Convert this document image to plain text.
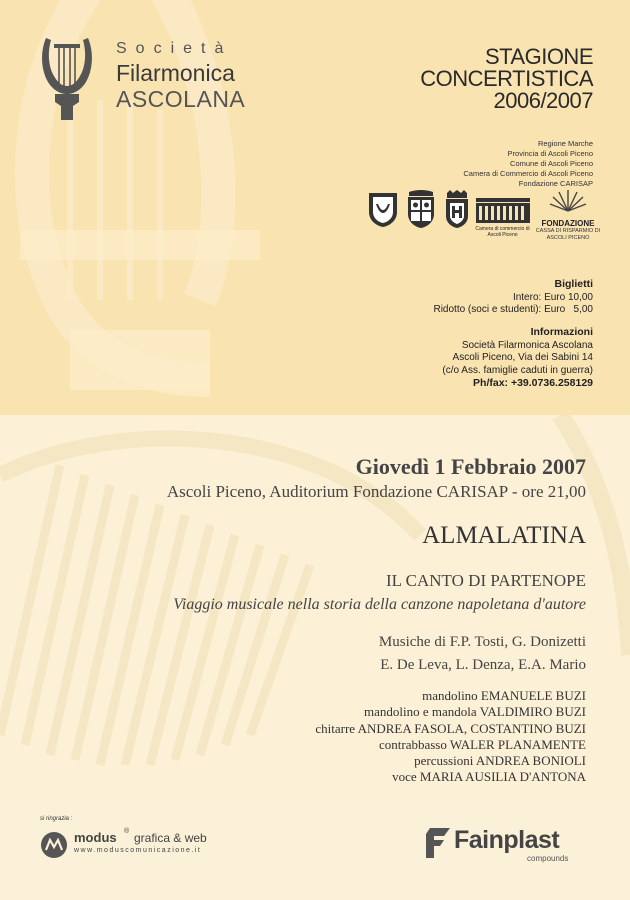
Società
Filarmonica
ASCOLANA
STAGIONE
CONCERTISTICA
2006/2007
Regione Marche
Provincia di Ascoli Piceno
Comune di Ascoli Piceno
Camera di Commercio di Ascoli Piceno
Fondazione CARISAP
Camera di commercio di Ascoli Piceno
FONDAZIONE
CASSA DI RISPARMIO DI ASCOLI PICENO
Biglietti
Intero: Euro 10,00
Ridotto (soci e studenti): Euro   5,00
Informazioni
Società Filarmonica Ascolana
Ascoli Piceno, Via dei Sabini 14
(c/o Ass. famiglie caduti in guerra)
Ph/fax: +39.0736.258129
Giovedì 1 Febbraio 2007
Ascoli Piceno, Auditorium Fondazione CARISAP - ore 21,00
ALMALATINA
IL CANTO DI PARTENOPE
Viaggio musicale nella storia della canzone napoletana d'autore
Musiche di F.P. Tosti, G. Donizetti
E. De Leva, L. Denza, E.A. Mario
mandolino EMANUELE BUZI
mandolino e mandola VALDIMIRO BUZI
chitarre ANDREA FASOLA, COSTANTINO BUZI
contrabbasso WALER PLANAMENTE
percussioni ANDREA BONIOLI
voce MARIA AUSILIA D'ANTONA
si ringrazia :
modus ® grafica & web
www.moduscomunicazione.it	Fainplast
compounds
